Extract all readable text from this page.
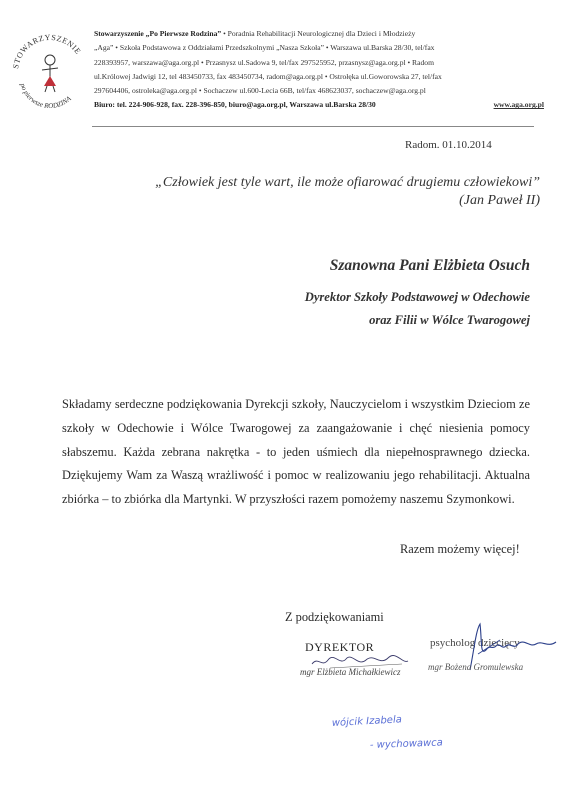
STOWARZYSZENIE
po pierwsze RODZINA
Stowarzyszenie „Po Pierwsze Rodzina” • Poradnia Rehabilitacji Neurologicznej dla Dzieci i Młodzieży
„Aga” • Szkoła Podstawowa z Oddziałami Przedszkolnymi „Nasza Szkoła” • Warszawa ul.Barska 28/30, tel/fax
228393957, warszawa@aga.org.pl • Przasnysz ul.Sadowa 9, tel/fax 297525952, przasnysz@aga.org.pl • Radom
ul.Królowej Jadwigi 12, tel 483450733, fax 483450734, radom@aga.org.pl • Ostrołęka ul.Goworowska 27, tel/fax
297604406, ostroleka@aga.org.pl • Sochaczew ul.600-Lecia 66B, tel/fax 468623037, sochaczew@aga.org.pl
Biuro: tel. 224-906-928, fax. 228-396-850, biuro@aga.org.pl, Warszawa ul.Barska 28/30	www.aga.org.pl
Radom. 01.10.2014
„Człowiek jest tyle wart, ile może ofiarować drugiemu człowiekowi”
(Jan Paweł II)
Szanowna Pani Elżbieta Osuch
Dyrektor Szkoły Podstawowej w Odechowie
oraz Filii w Wólce Twarogowej
Składamy serdeczne podziękowania Dyrekcji szkoły, Nauczycielom i wszystkim Dzieciom ze szkoły w Odechowie i Wólce Twarogowej za zaangażowanie i chęć niesienia pomocy słabszemu. Każda zebrana nakrętka - to jeden uśmiech dla niepełnosprawnego dziecka. Dziękujemy Wam za Waszą wrażliwość i pomoc w realizowaniu jego rehabilitacji. Aktualna zbiórka – to zbiórka dla Martynki. W przyszłości razem pomożemy naszemu Szymonkowi.
Razem możemy więcej!
Z podziękowaniami
DYREKTOR
mgr Elżbieta Michałkiewicz
psycholog dziecięcy
mgr Bożena Gromulewska
wójcik Izabela
- wychowawca
